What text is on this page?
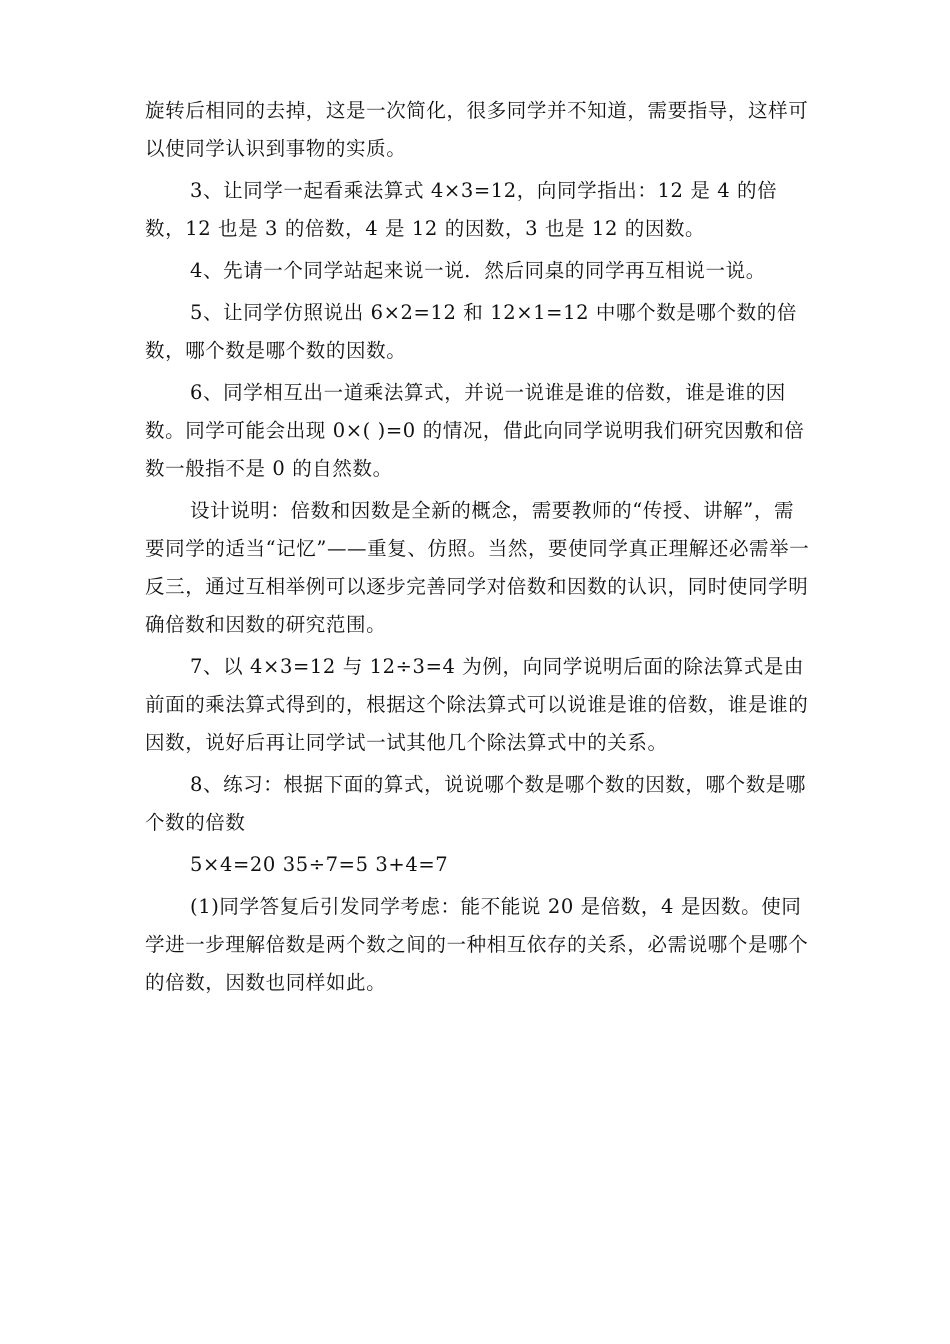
旋转后相同的去掉，这是一次简化，很多同学并不知道，需要指导，这样可以使同学认识到事物的实质。

3、让同学一起看乘法算式 4×3=12，向同学指出：12 是 4 的倍数，12 也是 3 的倍数，4 是 12 的因数，3 也是 12 的因数。

4、先请一个同学站起来说一说．然后同桌的同学再互相说一说。

5、让同学仿照说出 6×2=12 和 12×1=12 中哪个数是哪个数的倍数，哪个数是哪个数的因数。

6、同学相互出一道乘法算式，并说一说谁是谁的倍数，谁是谁的因数。同学可能会出现 0×( )=0 的情况，借此向同学说明我们研究因敷和倍数一般指不是 0 的自然数。

设计说明：倍数和因数是全新的概念，需要教师的“传授、讲解”，需要同学的适当“记忆”——重复、仿照。当然，要使同学真正理解还必需举一反三，通过互相举例可以逐步完善同学对倍数和因数的认识，同时使同学明确倍数和因数的研究范围。

7、以 4×3=12 与 12÷3=4 为例，向同学说明后面的除法算式是由前面的乘法算式得到的，根据这个除法算式可以说谁是谁的倍数，谁是谁的因数，说好后再让同学试一试其他几个除法算式中的关系。

8、练习：根据下面的算式，说说哪个数是哪个数的因数，哪个数是哪个数的倍数

5×4=20 35÷7=5 3+4=7

(1)同学答复后引发同学考虑：能不能说 20 是倍数，4 是因数。使同学进一步理解倍数是两个数之间的一种相互依存的关系，必需说哪个是哪个的倍数，因数也同样如此。
